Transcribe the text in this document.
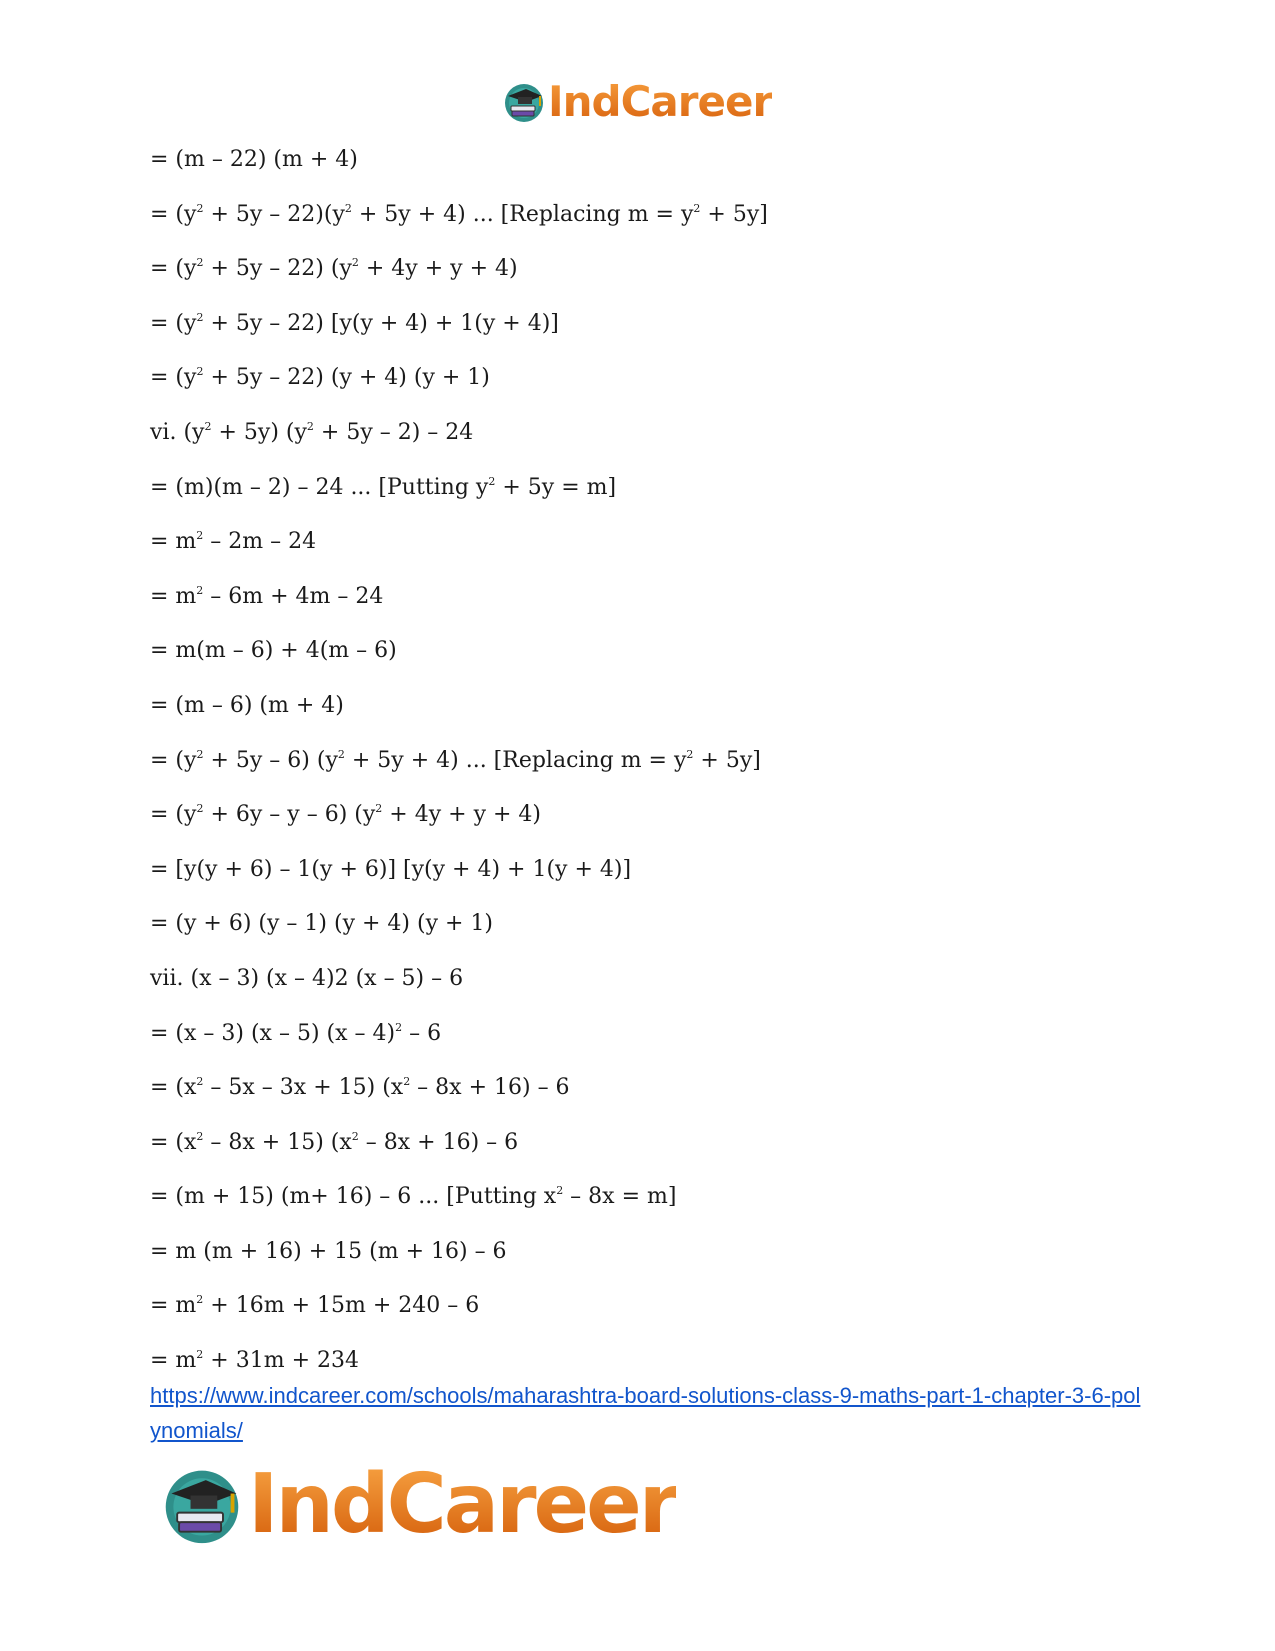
IndCareer
= (m – 22) (m + 4)
= $(y^2 + 5y - 22)(y^2 + 5y + 4)$ ... [Replacing $m = y^2 + 5y$]
= $(y^2 + 5y - 22) (y^2 + 4y + y + 4)$
= $(y^2 + 5y - 22) [y(y + 4) + 1(y + 4)]$
= $(y^2 + 5y - 22) (y + 4) (y + 1)$
vi. $(y^2 + 5y) (y^2 + 5y - 2) - 24$
= (m)(m – 2) – 24 ... [Putting $y^2 + 5y = m$]
= $m^2 - 2m - 24$
= $m^2 - 6m + 4m - 24$
= m(m – 6) + 4(m – 6)
= (m – 6) (m + 4)
= $(y^2 + 5y - 6) (y^2 + 5y + 4)$ ... [Replacing $m = y^2 + 5y$]
= $(y^2 + 6y - y - 6) (y^2 + 4y + y + 4)$
= [y(y + 6) – 1(y + 6)] [y(y + 4) + 1(y + 4)]
= (y + 6) (y – 1) (y + 4) (y + 1)
vii. (x – 3) (x – 4)2 (x – 5) – 6
= (x – 3) (x – 5) (x – 4)$^2$ – 6
= $(x^2 - 5x - 3x + 15)$ $(x^2 - 8x + 16) - 6$
= $(x^2 - 8x + 15)$ $(x^2 - 8x + 16) - 6$
= (m + 15) (m+ 16) – 6 ... [Putting $x^2 - 8x = m$]
= m (m + 16) + 15 (m + 16) – 6
= $m^2 + 16m + 15m + 240 - 6$
= $m^2 + 31m + 234$
https://www.indcareer.com/schools/maharashtra-board-solutions-class-9-maths-part-1-chapter-3-6-polynomials/
IndCareer
